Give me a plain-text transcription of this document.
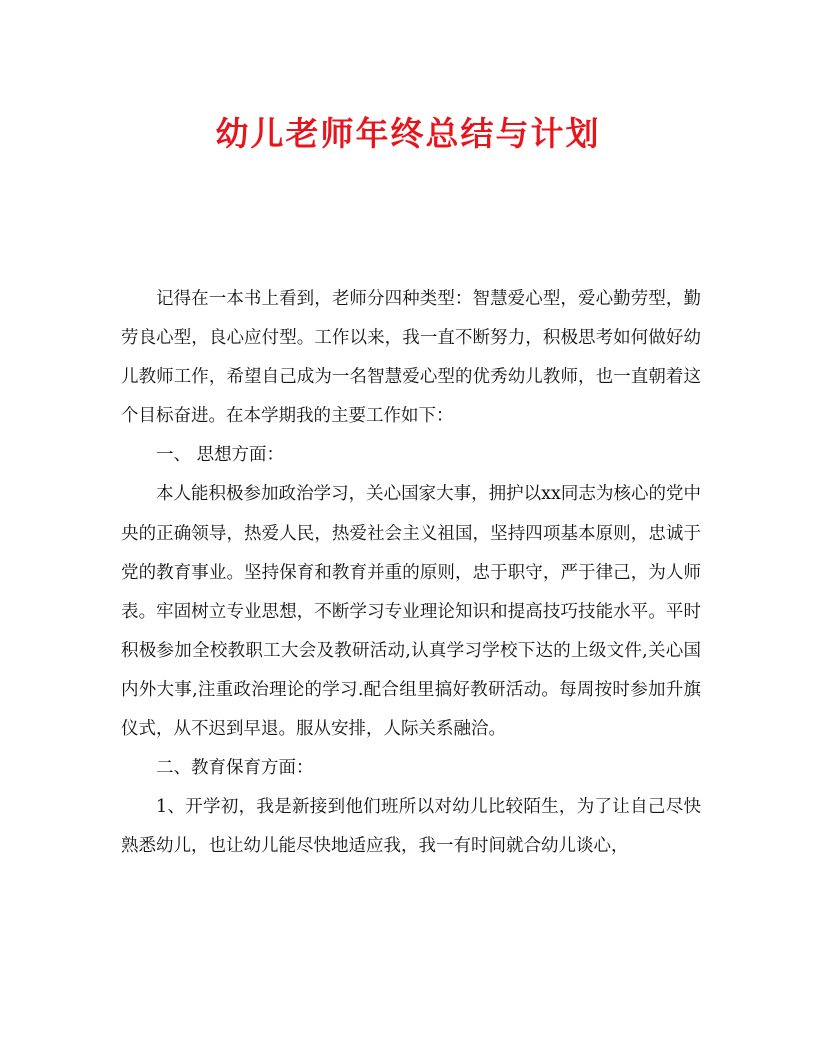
幼儿老师年终总结与计划

记得在一本书上看到，老师分四种类型：智慧爱心型，爱心勤劳型，勤劳良心型，良心应付型。工作以来，我一直不断努力，积极思考如何做好幼儿教师工作，希望自己成为一名智慧爱心型的优秀幼儿教师，也一直朝着这个目标奋进。在本学期我的主要工作如下：

一、 思想方面：

本人能积极参加政治学习，关心国家大事，拥护以xx同志为核心的党中央的正确领导，热爱人民，热爱社会主义祖国，坚持四项基本原则，忠诚于党的教育事业。坚持保育和教育并重的原则，忠于职守，严于律己，为人师表。牢固树立专业思想，不断学习专业理论知识和提高技巧技能水平。平时积极参加全校教职工大会及教研活动,认真学习学校下达的上级文件,关心国内外大事,注重政治理论的学习.配合组里搞好教研活动。每周按时参加升旗仪式，从不迟到早退。服从安排，人际关系融洽。

二、教育保育方面：

1、开学初，我是新接到他们班所以对幼儿比较陌生，为了让自己尽快熟悉幼儿，也让幼儿能尽快地适应我，我一有时间就合幼儿谈心，
